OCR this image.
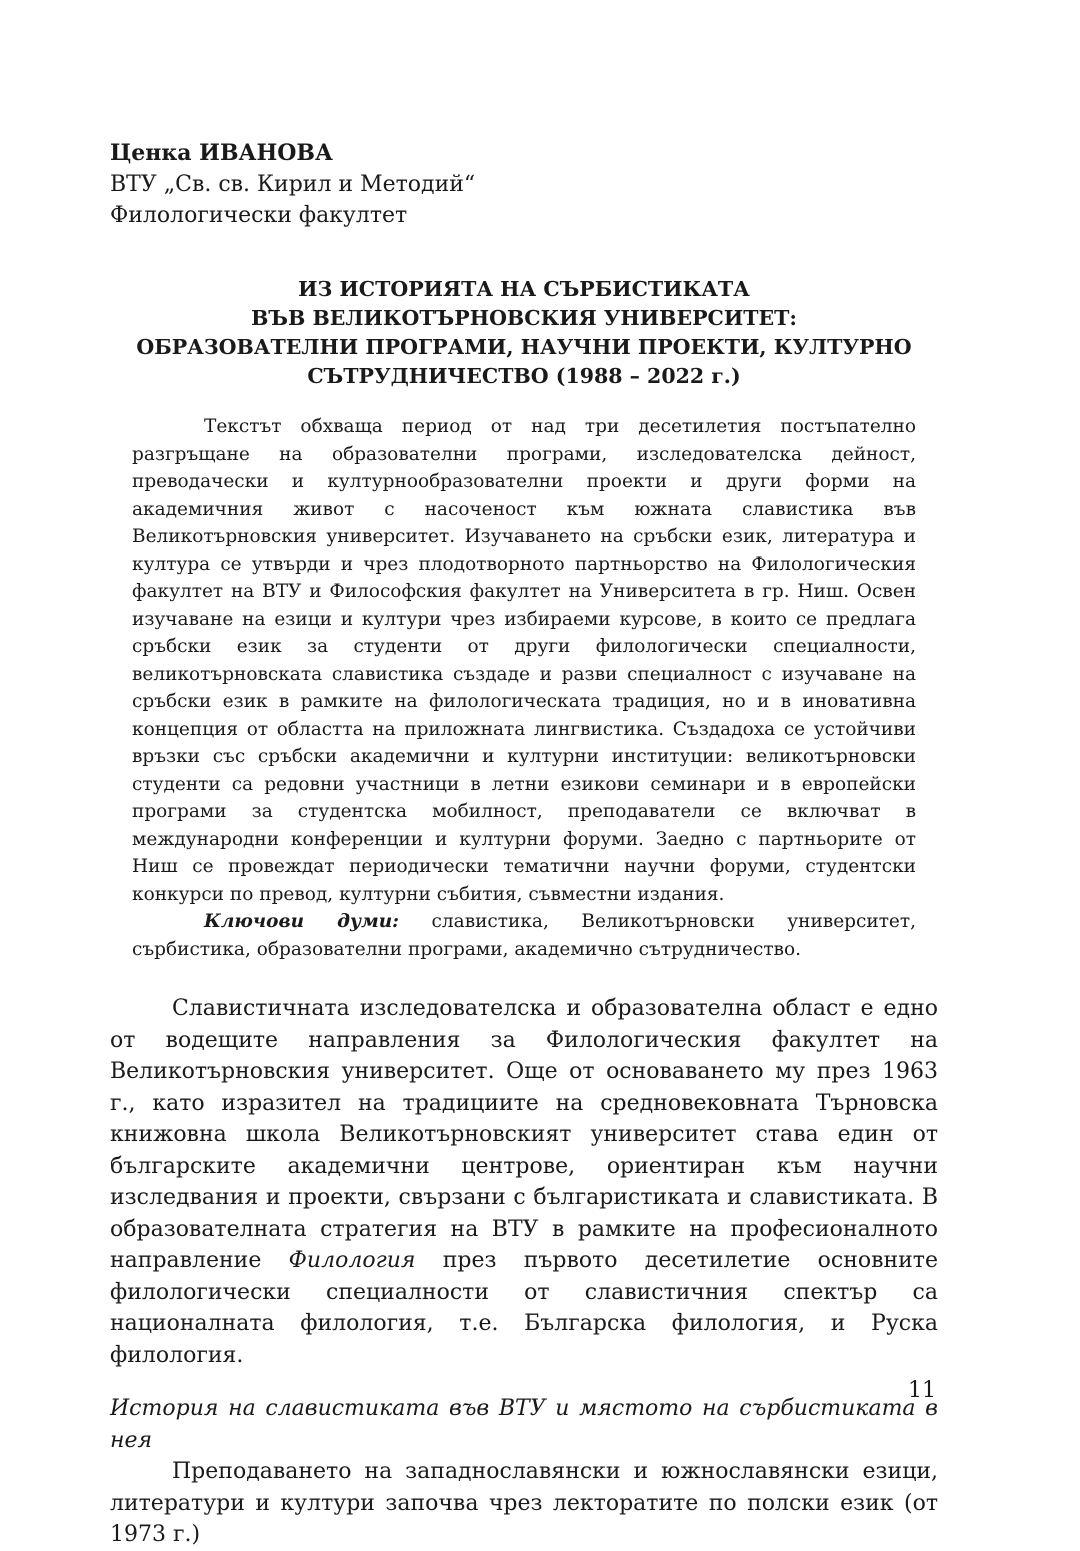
Ценка ИВАНОВА
ВТУ „Св. св. Кирил и Методий“
Филологически факултет
ИЗ ИСТОРИЯТА НА СЪРБИСТИКАТА
ВЪВ ВЕЛИКОТЪРНОВСКИЯ УНИВЕРСИТЕТ:
ОБРАЗОВАТЕЛНИ ПРОГРАМИ, НАУЧНИ ПРОЕКТИ, КУЛТУРНО
СЪТРУДНИЧЕСТВО (1988 – 2022 г.)

Текстът обхваща период от над три десетилетия постъпателно разгръщане на образователни програми, изследователска дейност, преводачески и културнообразователни проекти и други форми на академичния живот с насоченост към южната славистика във Великотърновския университет. Изучаването на сръбски език, литература и култура се утвърди и чрез плодотворното партньорство на Филологическия факултет на ВТУ и Философския факултет на Университета в гр. Ниш. Освен изучаване на езици и култури чрез избираеми курсове, в които се предлага сръбски език за студенти от други филологически специалности, великотърновската славистика създаде и разви специалност с изучаване на сръбски език в рамките на филологическата традиция, но и в иновативна концепция от областта на приложната лингвистика. Създадоха се устойчиви връзки със сръбски академични и културни институции: великотърновски студенти са редовни участници в летни езикови семинари и в европейски програми за студентска мобилност, преподаватели се включват в международни конференции и културни форуми. Заедно с партньорите от Ниш се провеждат периодически тематични научни форуми, студентски конкурси по превод, културни събития, съвместни издания.

Ключови думи: славистика, Великотърновски университет, сърбистика, образователни програми, академично сътрудничество.

Славистичната изследователска и образователна област е едно от водещите направления за Филологическия факултет на Великотърновския университет. Още от основаването му през 1963 г., като изразител на традициите на средновековната Търновска книжовна школа Великотърновският университет става един от българските академични центрове, ориентиран към научни изследвания и проекти, свързани с българистиката и славистиката. В образователната стратегия на ВТУ в рамките на професионалното направление Филология през първото десетилетие основните филологически специалности от славистичния спектър са националната филология, т.е. Българска филология, и Руска филология.

История на славистиката във ВТУ и мястото на сърбистиката в нея

Преподаването на западнославянски и южнославянски езици, литератури и култури започва чрез лекторатите по полски език (от 1973 г.)

11
